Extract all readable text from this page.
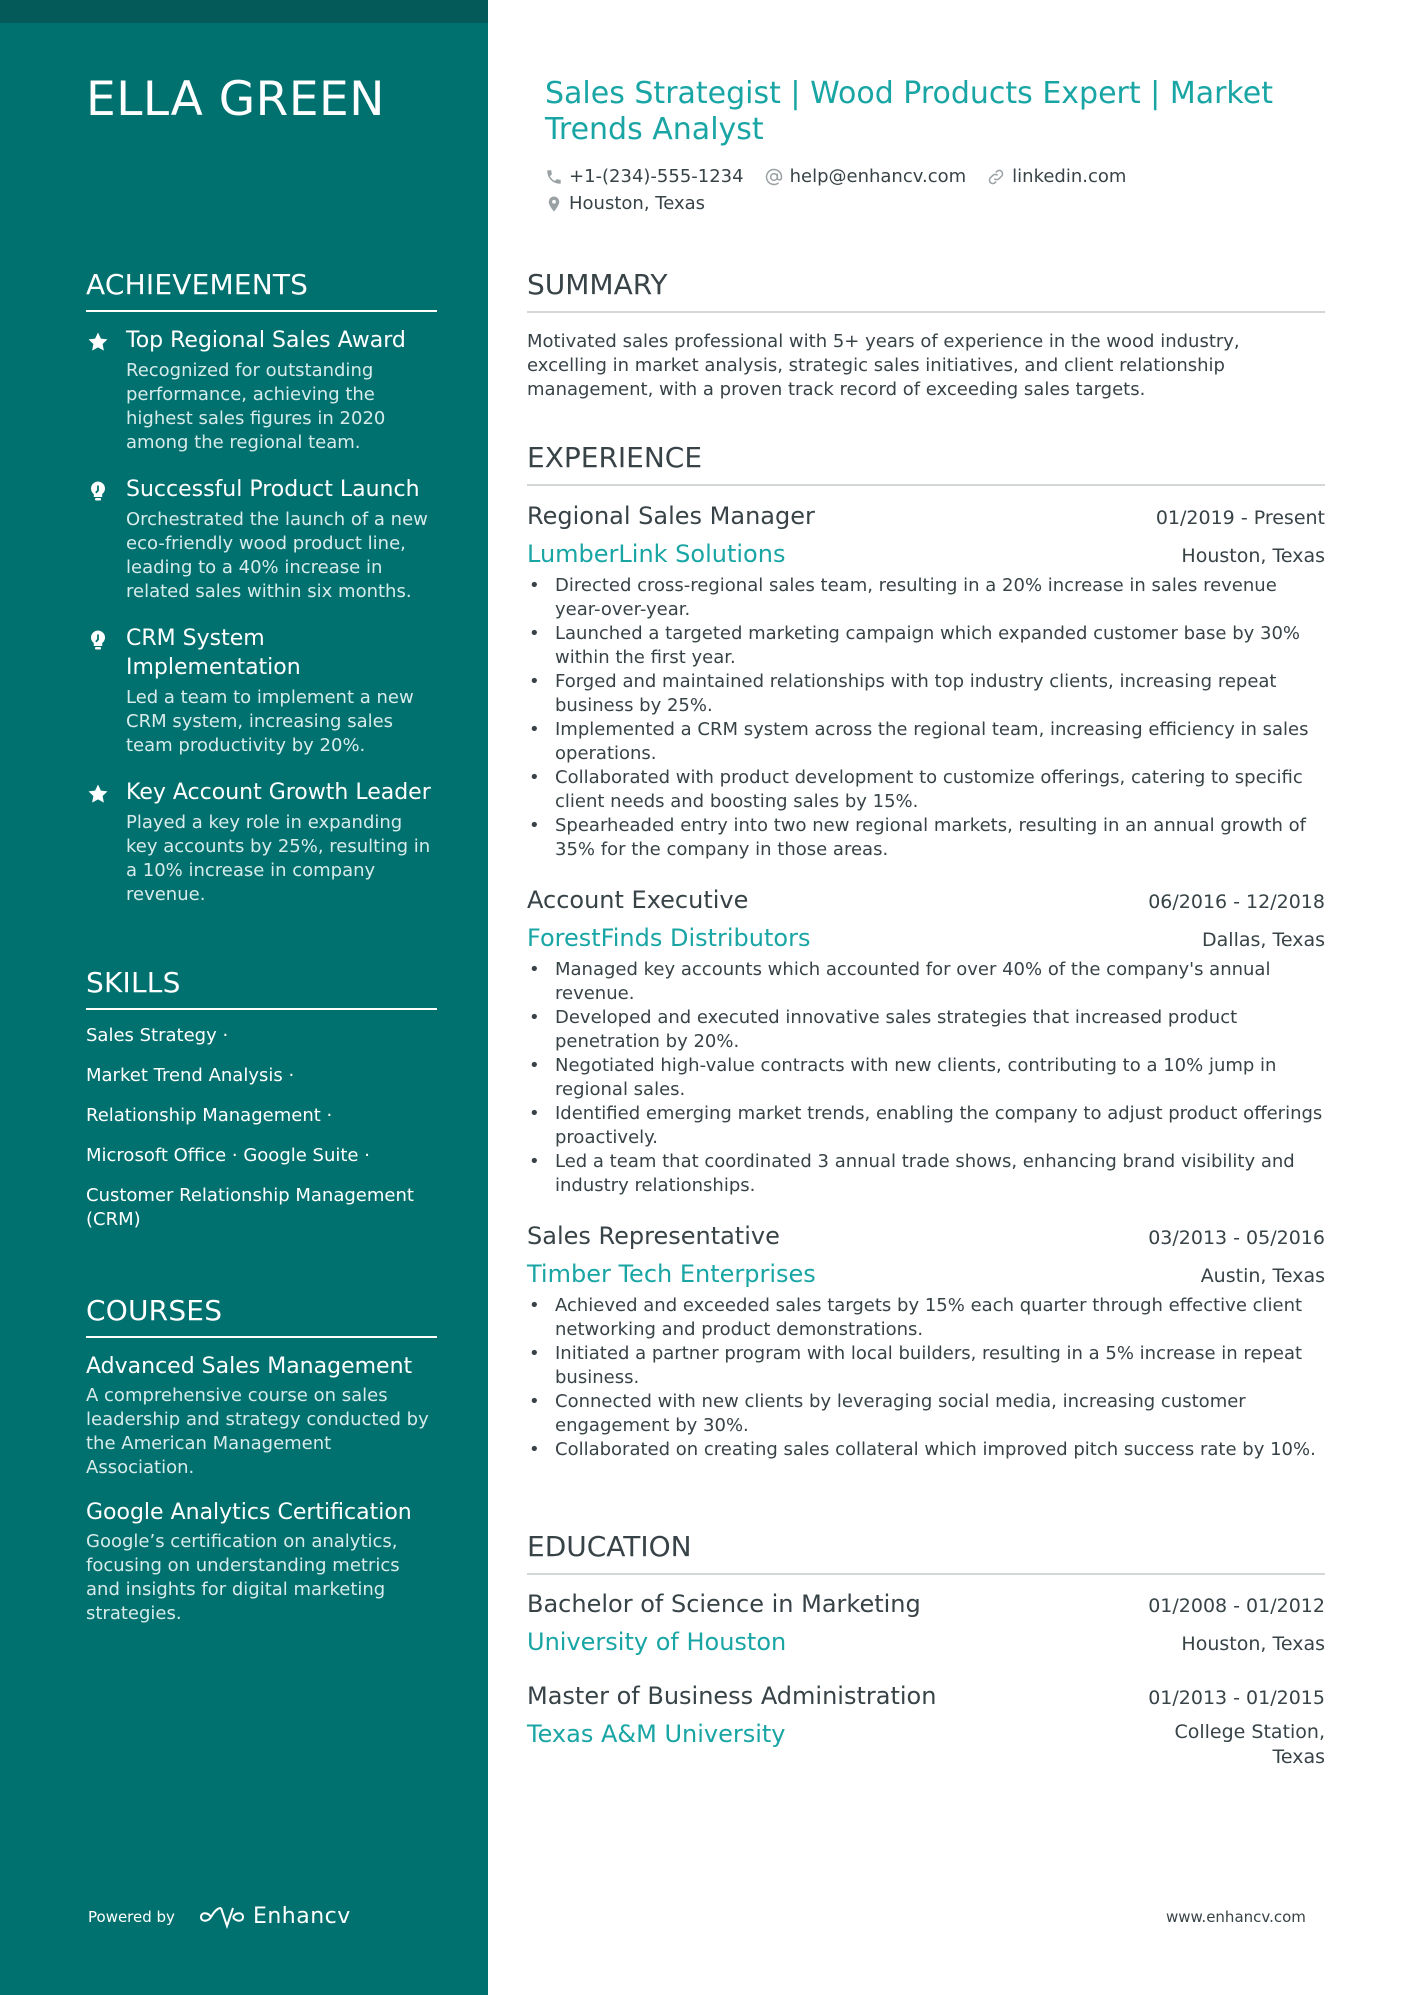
ELLA GREEN
ACHIEVEMENTS
Top Regional Sales Award
Recognized for outstanding performance, achieving the highest sales figures in 2020 among the regional team.
Successful Product Launch
Orchestrated the launch of a new eco-friendly wood product line, leading to a 40% increase in related sales within six months.
CRM System Implementation
Led a team to implement a new CRM system, increasing sales team productivity by 20%.
Key Account Growth Leader
Played a key role in expanding key accounts by 25%, resulting in a 10% increase in company revenue.
SKILLS
Sales Strategy ·
Market Trend Analysis ·
Relationship Management ·
Microsoft Office · Google Suite ·
Customer Relationship Management (CRM)
COURSES
Advanced Sales Management
A comprehensive course on sales leadership and strategy conducted by the American Management Association.
Google Analytics Certification
Google’s certification on analytics, focusing on understanding metrics and insights for digital marketing strategies.
Powered by	Enhancv
Sales Strategist | Wood Products Expert | Market Trends Analyst
+1-(234)-555-1234	help@enhancv.com	linkedin.com
Houston, Texas
SUMMARY
Motivated sales professional with 5+ years of experience in the wood industry, excelling in market analysis, strategic sales initiatives, and client relationship management, with a proven track record of exceeding sales targets.
EXPERIENCE
Regional Sales Manager	01/2019 - Present
LumberLink Solutions	Houston, Texas
• Directed cross-regional sales team, resulting in a 20% increase in sales revenue year-over-year.
• Launched a targeted marketing campaign which expanded customer base by 30% within the first year.
• Forged and maintained relationships with top industry clients, increasing repeat business by 25%.
• Implemented a CRM system across the regional team, increasing efficiency in sales operations.
• Collaborated with product development to customize offerings, catering to specific client needs and boosting sales by 15%.
• Spearheaded entry into two new regional markets, resulting in an annual growth of 35% for the company in those areas.
Account Executive	06/2016 - 12/2018
ForestFinds Distributors	Dallas, Texas
• Managed key accounts which accounted for over 40% of the company's annual revenue.
• Developed and executed innovative sales strategies that increased product penetration by 20%.
• Negotiated high-value contracts with new clients, contributing to a 10% jump in regional sales.
• Identified emerging market trends, enabling the company to adjust product offerings proactively.
• Led a team that coordinated 3 annual trade shows, enhancing brand visibility and industry relationships.
Sales Representative	03/2013 - 05/2016
Timber Tech Enterprises	Austin, Texas
• Achieved and exceeded sales targets by 15% each quarter through effective client networking and product demonstrations.
• Initiated a partner program with local builders, resulting in a 5% increase in repeat business.
• Connected with new clients by leveraging social media, increasing customer engagement by 30%.
• Collaborated on creating sales collateral which improved pitch success rate by 10%.
EDUCATION
Bachelor of Science in Marketing	01/2008 - 01/2012
University of Houston	Houston, Texas
Master of Business Administration	01/2013 - 01/2015
Texas A&M University	College Station, Texas
www.enhancv.com
